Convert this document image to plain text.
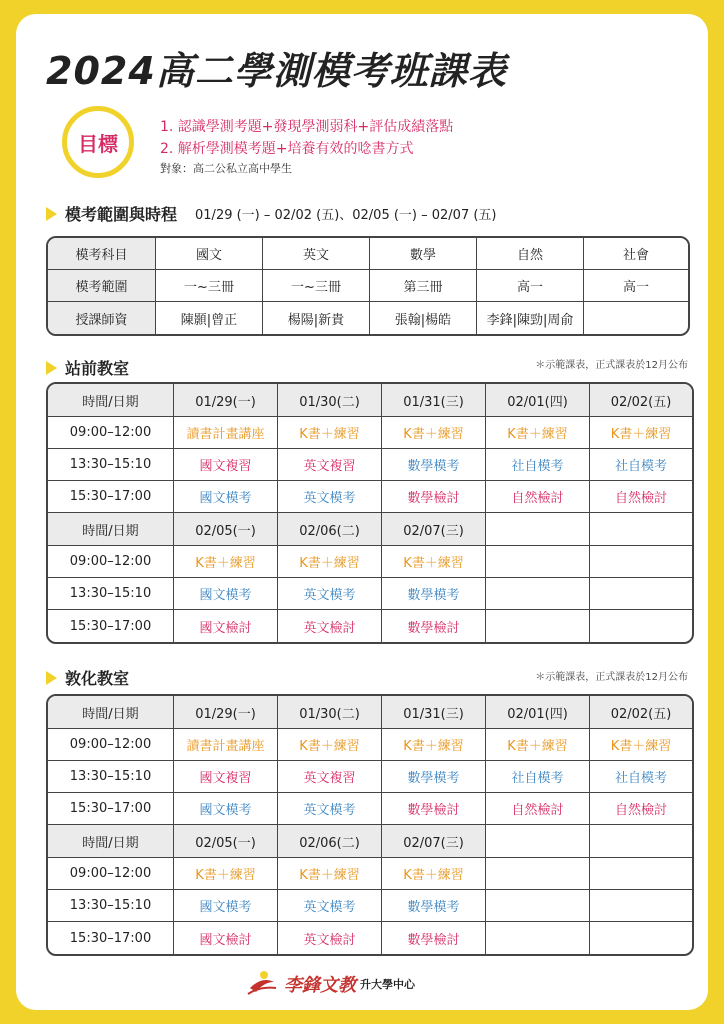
2024高二學測模考班課表
目標
1. 認識學測考題+發現學測弱科+評估成績落點
2. 解析學測模考題+培養有效的唸書方式
對象：高二公私立高中學生
模考範圍與時程 01/29 (一) – 02/02 (五)、02/05 (一) – 02/07 (五)
模考科目	國文	英文	數學	自然	社會
模考範圍	一~三冊	一~三冊	第三冊	高一	高一
授課師資	陳顥|曾正	楊陽|新貴	張翰|楊皓	李鋒|陳勁|周俞	
站前教室	＊示範課表，正式課表於12月公布
時間/日期	01/29(一)	01/30(二)	01/31(三)	02/01(四)	02/02(五)
09:00–12:00	讀書計畫講座	K書＋練習	K書＋練習	K書＋練習	K書＋練習
13:30–15:10	國文複習	英文複習	數學模考	社自模考	社自模考
15:30–17:00	國文模考	英文模考	數學檢討	自然檢討	自然檢討
時間/日期	02/05(一)	02/06(二)	02/07(三)		
09:00–12:00	K書＋練習	K書＋練習	K書＋練習		
13:30–15:10	國文模考	英文模考	數學模考		
15:30–17:00	國文檢討	英文檢討	數學檢討		
敦化教室	＊示範課表，正式課表於12月公布
時間/日期	01/29(一)	01/30(二)	01/31(三)	02/01(四)	02/02(五)
09:00–12:00	讀書計畫講座	K書＋練習	K書＋練習	K書＋練習	K書＋練習
13:30–15:10	國文複習	英文複習	數學模考	社自模考	社自模考
15:30–17:00	國文模考	英文模考	數學檢討	自然檢討	自然檢討
時間/日期	02/05(一)	02/06(二)	02/07(三)		
09:00–12:00	K書＋練習	K書＋練習	K書＋練習		
13:30–15:10	國文模考	英文模考	數學模考		
15:30–17:00	國文檢討	英文檢討	數學檢討		
李鋒文教 升大學中心
